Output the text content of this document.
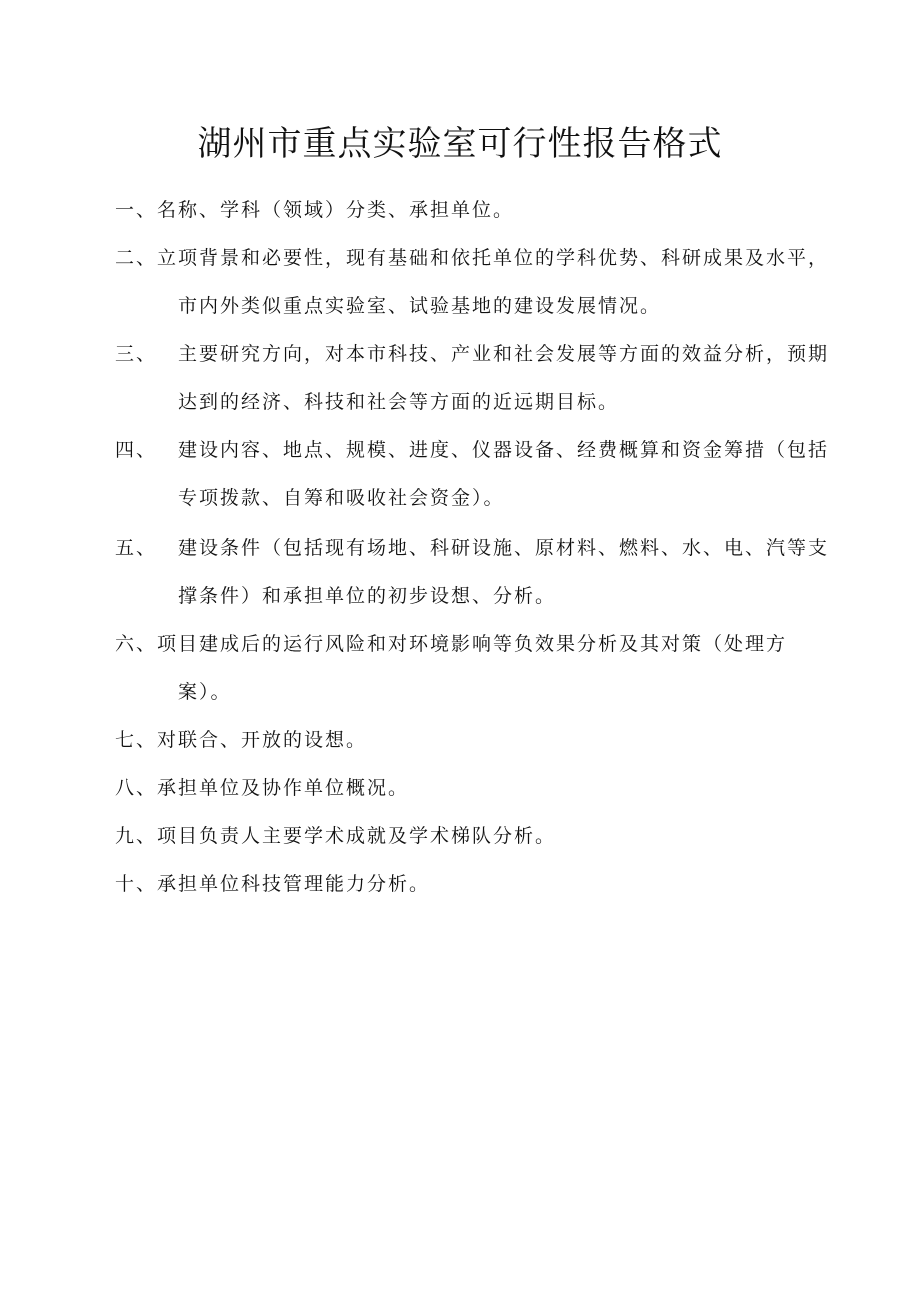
湖州市重点实验室可行性报告格式
一、名称、学科（领域）分类、承担单位。
二、立项背景和必要性，现有基础和依托单位的学科优势、科研成果及水平，
市内外类似重点实验室、试验基地的建设发展情况。
三、 主要研究方向，对本市科技、产业和社会发展等方面的效益分析，预期
达到的经济、科技和社会等方面的近远期目标。
四、 建设内容、地点、规模、进度、仪器设备、经费概算和资金筹措（包括
专项拨款、自筹和吸收社会资金）。
五、 建设条件（包括现有场地、科研设施、原材料、燃料、水、电、汽等支
撑条件）和承担单位的初步设想、分析。
六、项目建成后的运行风险和对环境影响等负效果分析及其对策（处理方
案）。
七、对联合、开放的设想。
八、承担单位及协作单位概况。
九、项目负责人主要学术成就及学术梯队分析。
十、承担单位科技管理能力分析。
